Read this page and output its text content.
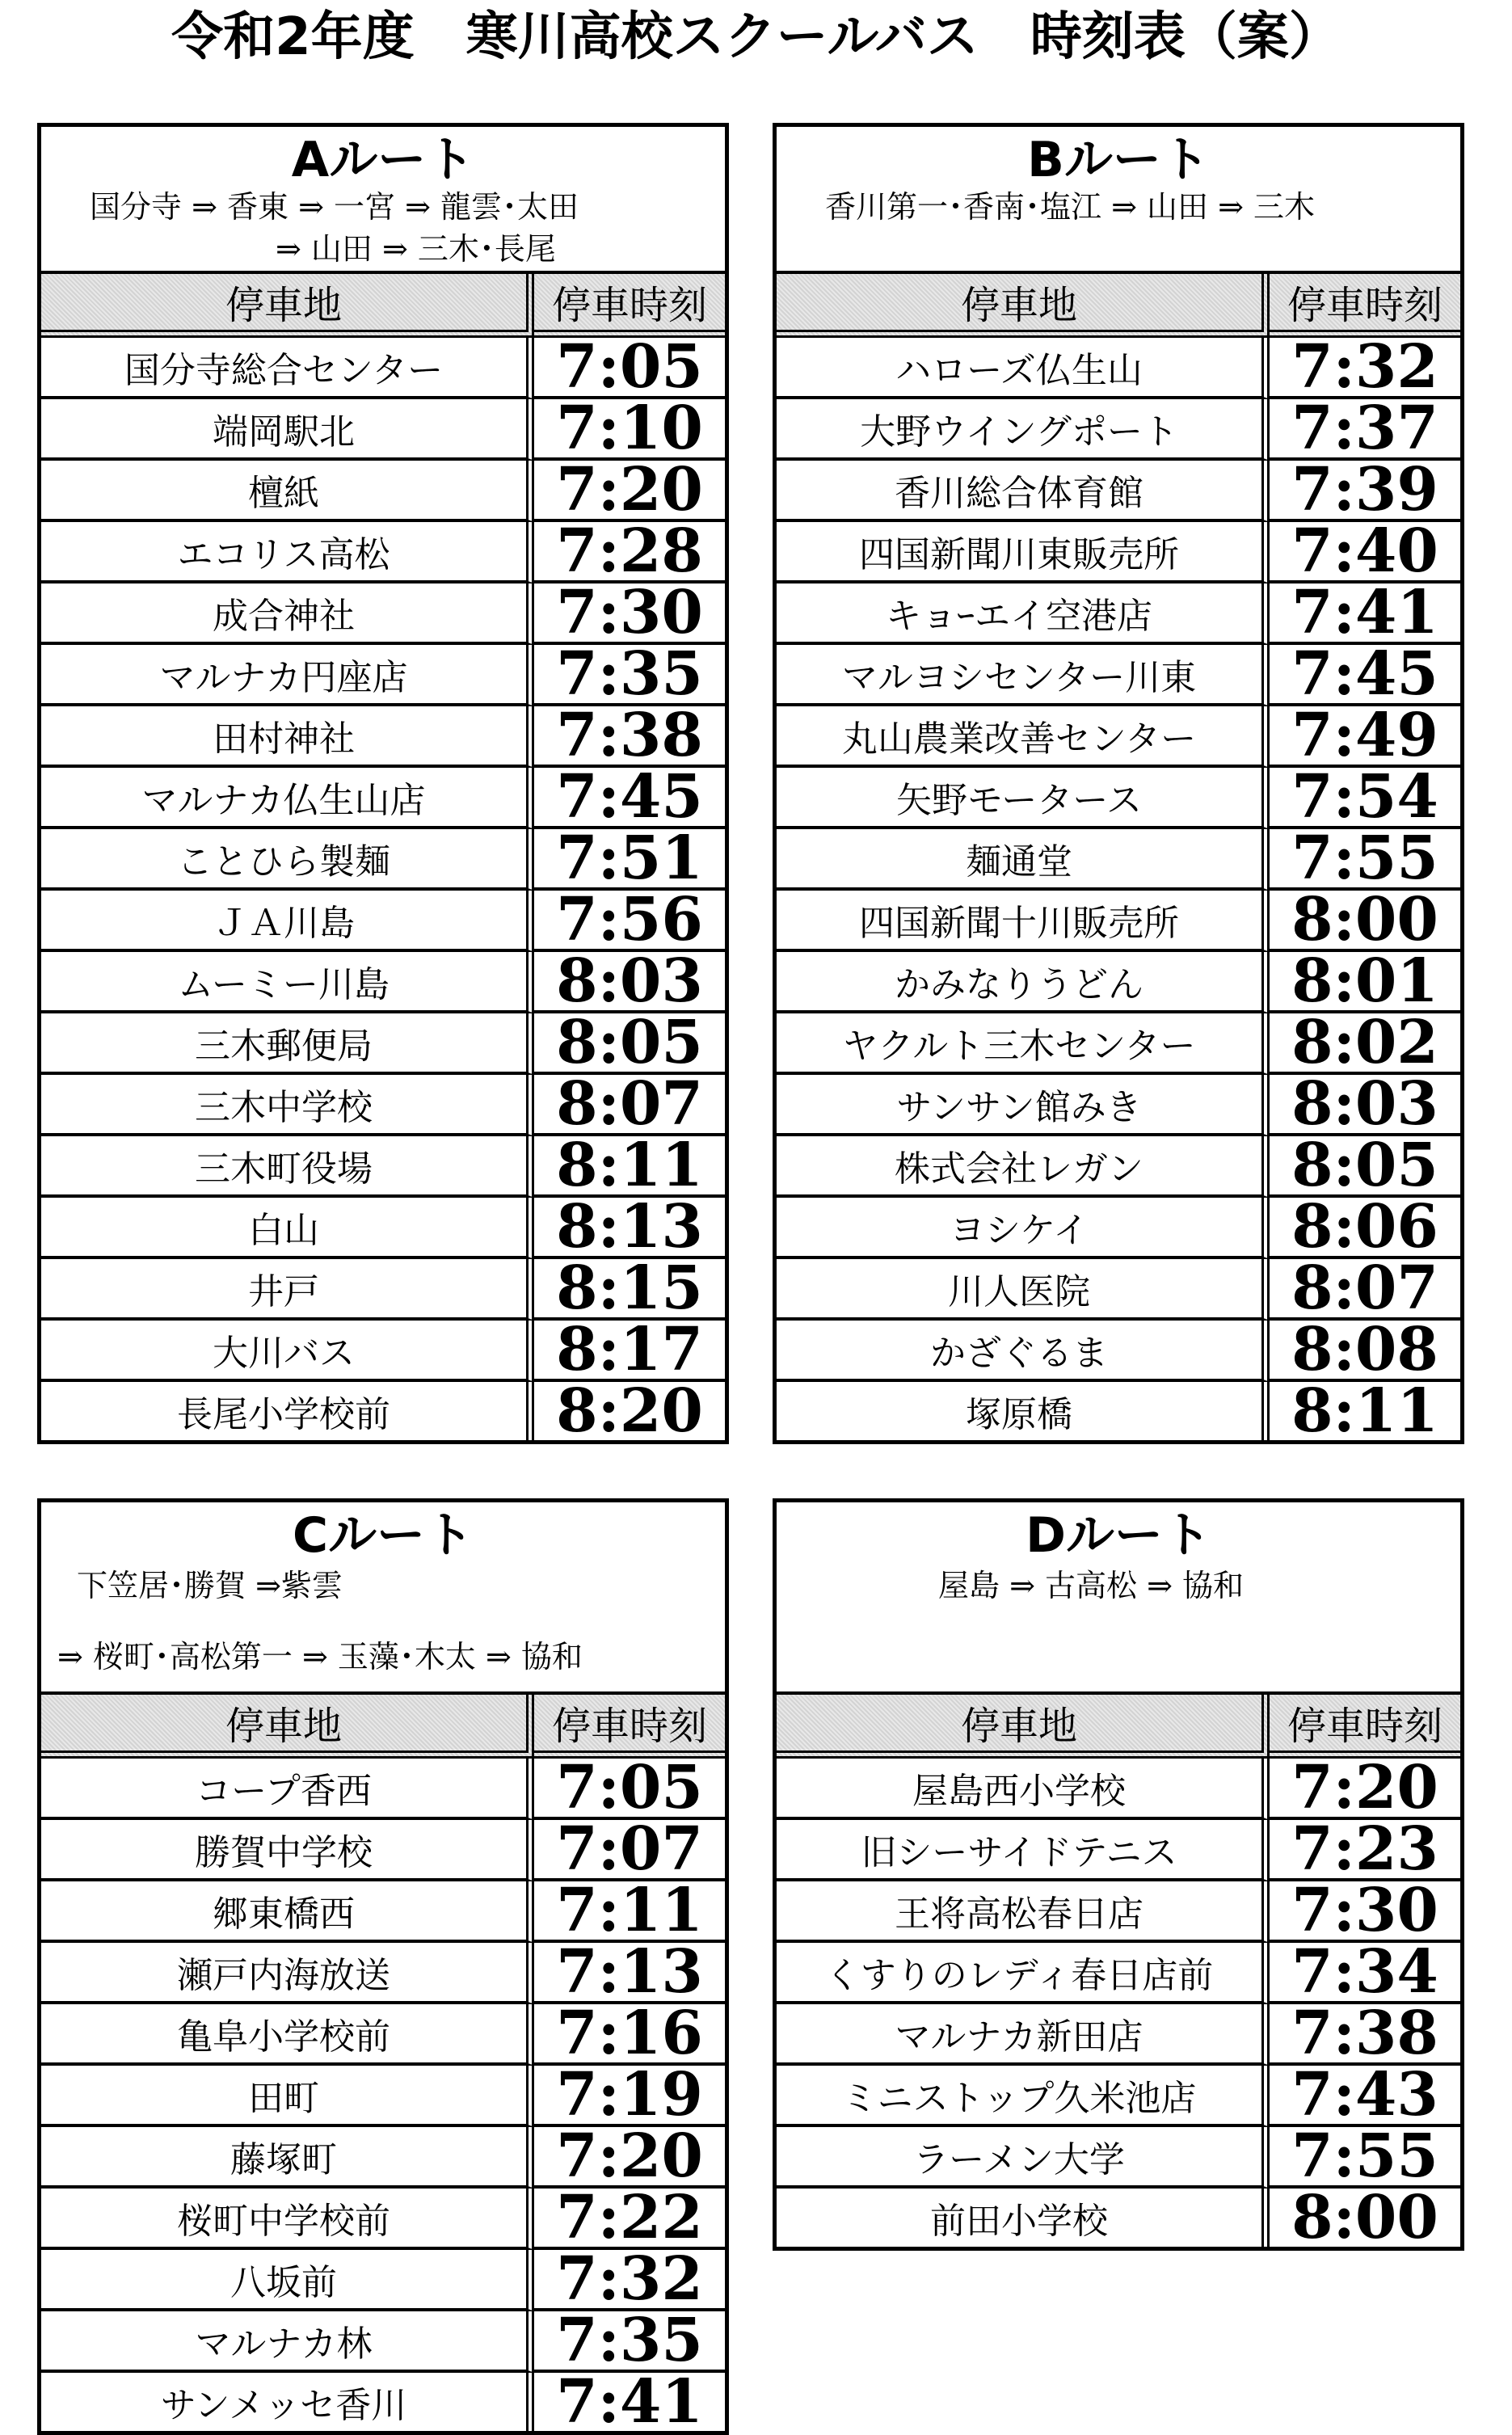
令和2年度　寒川高校スクールバス　時刻表（案）
Aルート
国分寺 ⇒ 香東 ⇒ 一宮 ⇒ 龍雲･太田
⇒ 山田 ⇒ 三木･長尾
停車地	停車時刻
国分寺総合センター	7:05
端岡駅北	7:10
檀紙	7:20
エコリス高松	7:28
成合神社	7:30
マルナカ円座店	7:35
田村神社	7:38
マルナカ仏生山店	7:45
ことひら製麺	7:51
ＪＡ川島	7:56
ムーミー川島	8:03
三木郵便局	8:05
三木中学校	8:07
三木町役場	8:11
白山	8:13
井戸	8:15
大川バス	8:17
長尾小学校前	8:20
Bルート
香川第一･香南･塩江 ⇒ 山田 ⇒ 三木
停車地	停車時刻
ハローズ仏生山	7:32
大野ウイングポート	7:37
香川総合体育館	7:39
四国新聞川東販売所	7:40
キョｰエイ空港店	7:41
マルヨシセンター川東	7:45
丸山農業改善センター	7:49
矢野モータース	7:54
麺通堂	7:55
四国新聞十川販売所	8:00
かみなりうどん	8:01
ヤクルト三木センター	8:02
サンサン館みき	8:03
株式会社レガン	8:05
ヨシケイ	8:06
川人医院	8:07
かざぐるま	8:08
塚原橋	8:11
Cルート
下笠居･勝賀 ⇒紫雲
⇒ 桜町･高松第一 ⇒ 玉藻･木太 ⇒ 協和
停車地	停車時刻
コープ香西	7:05
勝賀中学校	7:07
郷東橋西	7:11
瀬戸内海放送	7:13
亀阜小学校前	7:16
田町	7:19
藤塚町	7:20
桜町中学校前	7:22
八坂前	7:32
マルナカ林	7:35
サンメッセ香川	7:41
Dルート
屋島 ⇒ 古高松 ⇒ 協和
停車地	停車時刻
屋島西小学校	7:20
旧シーサイドテニス	7:23
王将高松春日店	7:30
くすりのレディ春日店前	7:34
マルナカ新田店	7:38
ミニストップ久米池店	7:43
ラーメン大学	7:55
前田小学校	8:00
